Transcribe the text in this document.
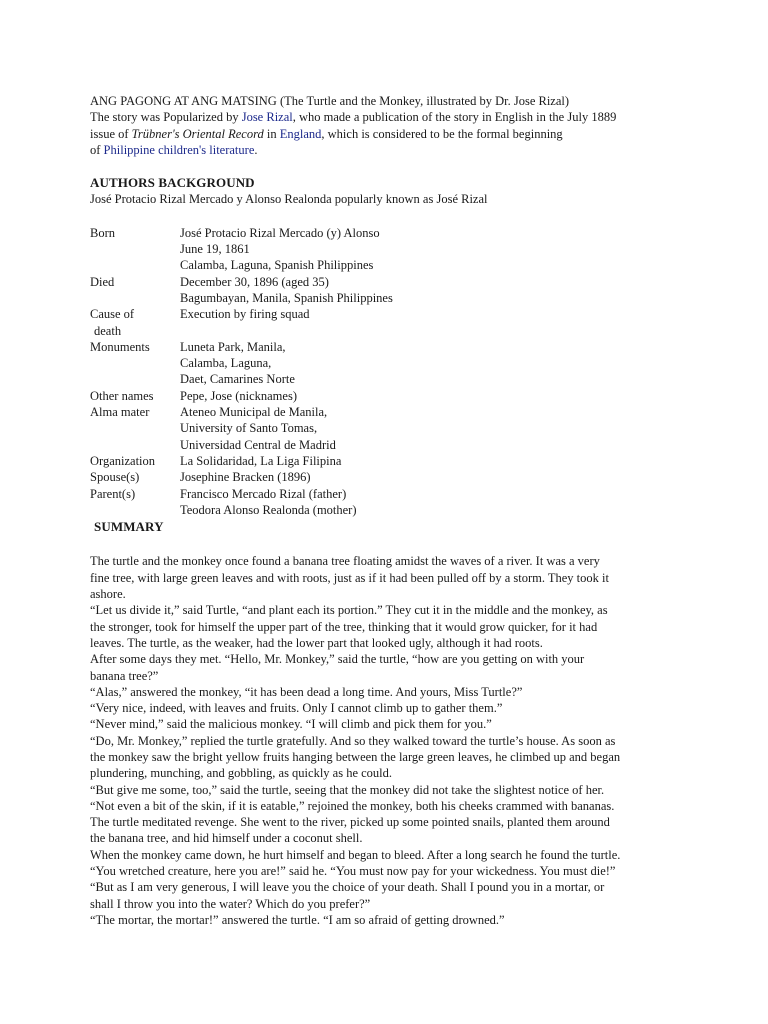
ANG PAGONG AT ANG MATSING (The Turtle and the Monkey, illustrated by Dr. Jose Rizal)

The story was Popularized by Jose Rizal, who made a publication of the story in English in the July 1889

issue of Trübner's Oriental Record in England, which is considered to be the formal beginning

of Philippine children's literature.

AUTHORS BACKGROUND

José Protacio Rizal Mercado y Alonso Realonda popularly known as José Rizal

Born	José Protacio Rizal Mercado (y) Alonso
June 19, 1861
Calamba, Laguna, Spanish Philippines

Died	December 30, 1896 (aged 35)
Bagumbayan, Manila, Spanish Philippines

Cause of
death	Execution by firing squad

Monuments	Luneta Park, Manila,
Calamba, Laguna,
Daet, Camarines Norte

Other names	Pepe, Jose (nicknames)

Alma mater	Ateneo Municipal de Manila,
University of Santo Tomas,
Universidad Central de Madrid

Organization	La Solidaridad, La Liga Filipina

Spouse(s)	Josephine Bracken (1896)

Parent(s)	Francisco Mercado Rizal (father)
Teodora Alonso Realonda (mother)

SUMMARY

The turtle and the monkey once found a banana tree floating amidst the waves of a river. It was a very
fine tree, with large green leaves and with roots, just as if it had been pulled off by a storm. They took it
ashore.
“Let us divide it,” said Turtle, “and plant each its portion.” They cut it in the middle and the monkey, as
the stronger, took for himself the upper part of the tree, thinking that it would grow quicker, for it had
leaves. The turtle, as the weaker, had the lower part that looked ugly, although it had roots.
After some days they met. “Hello, Mr. Monkey,” said the turtle, “how are you getting on with your
banana tree?”
“Alas,” answered the monkey, “it has been dead a long time. And yours, Miss Turtle?”
“Very nice, indeed, with leaves and fruits. Only I cannot climb up to gather them.”
“Never mind,” said the malicious monkey. “I will climb and pick them for you.”
“Do, Mr. Monkey,” replied the turtle gratefully. And so they walked toward the turtle’s house. As soon as
the monkey saw the bright yellow fruits hanging between the large green leaves, he climbed up and began
plundering, munching, and gobbling, as quickly as he could.
“But give me some, too,” said the turtle, seeing that the monkey did not take the slightest notice of her.
“Not even a bit of the skin, if it is eatable,” rejoined the monkey, both his cheeks crammed with bananas.
The turtle meditated revenge. She went to the river, picked up some pointed snails, planted them around
the banana tree, and hid himself under a coconut shell.
When the monkey came down, he hurt himself and began to bleed. After a long search he found the turtle.
“You wretched creature, here you are!” said he. “You must now pay for your wickedness. You must die!”
“But as I am very generous, I will leave you the choice of your death. Shall I pound you in a mortar, or
shall I throw you into the water? Which do you prefer?”
“The mortar, the mortar!” answered the turtle. “I am so afraid of getting drowned.”
